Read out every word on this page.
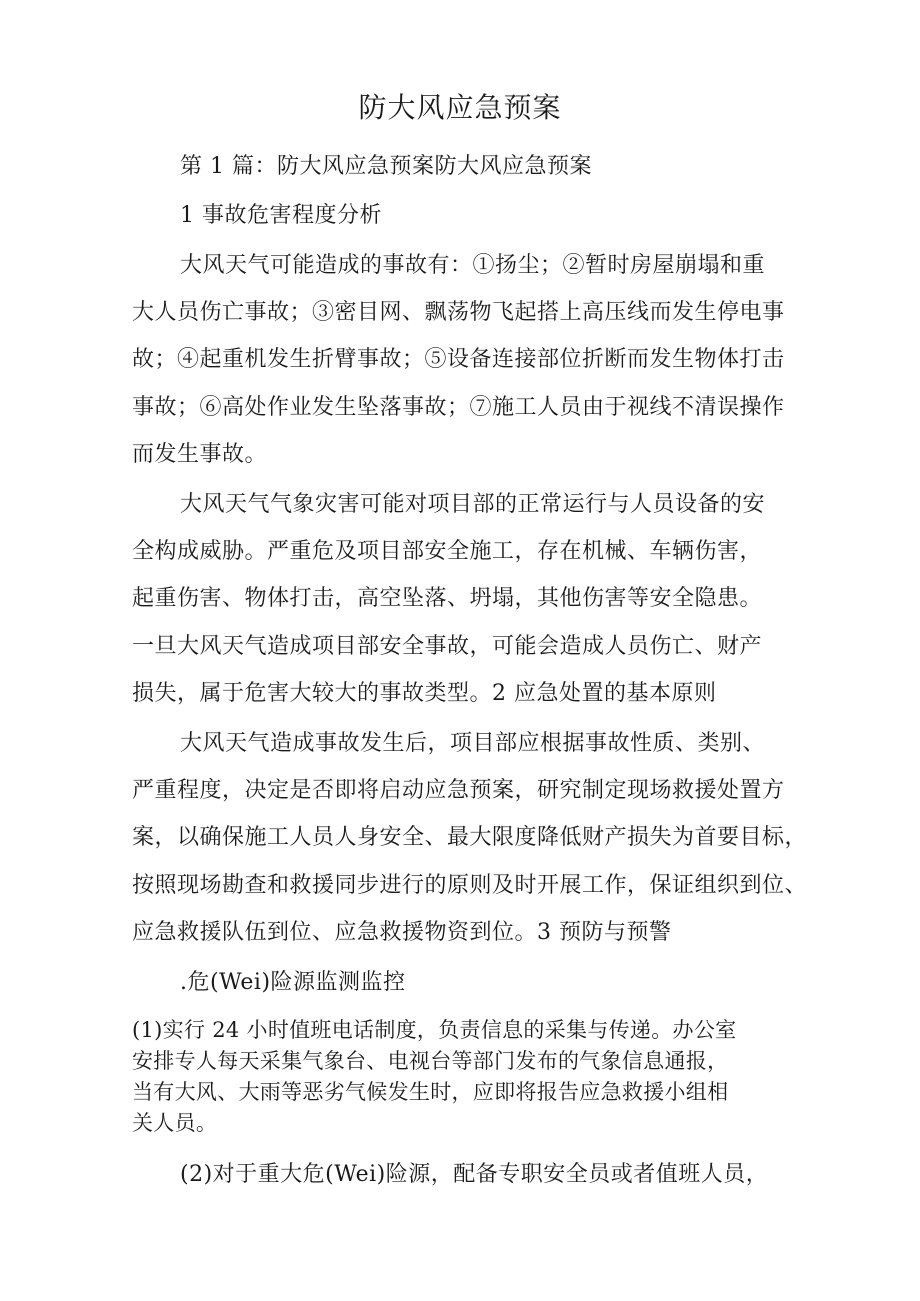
防大风应急预案
第 1 篇：防大风应急预案防大风应急预案
1 事故危害程度分析
大风天气可能造成的事故有：①扬尘；②暂时房屋崩塌和重
大人员伤亡事故；③密目网、飘荡物飞起搭上高压线而发生停电事
故；④起重机发生折臂事故；⑤设备连接部位折断而发生物体打击
事故；⑥高处作业发生坠落事故；⑦施工人员由于视线不清误操作
而发生事故。
大风天气气象灾害可能对项目部的正常运行与人员设备的安
全构成威胁。严重危及项目部安全施工，存在机械、车辆伤害，
起重伤害、物体打击，高空坠落、坍塌，其他伤害等安全隐患。
一旦大风天气造成项目部安全事故，可能会造成人员伤亡、财产
损失，属于危害大较大的事故类型。2 应急处置的基本原则
大风天气造成事故发生后，项目部应根据事故性质、类别、
严重程度，决定是否即将启动应急预案，研究制定现场救援处置方
案，以确保施工人员人身安全、最大限度降低财产损失为首要目标，
按照现场勘查和救援同步进行的原则及时开展工作，保证组织到位、
应急救援队伍到位、应急救援物资到位。3 预防与预警
.危(Wei)险源监测监控
(1)实行 24 小时值班电话制度，负责信息的采集与传递。办公室
安排专人每天采集气象台、电视台等部门发布的气象信息通报，
当有大风、大雨等恶劣气候发生时，应即将报告应急救援小组相
关人员。
(2)对于重大危(Wei)险源，配备专职安全员或者值班人员，
